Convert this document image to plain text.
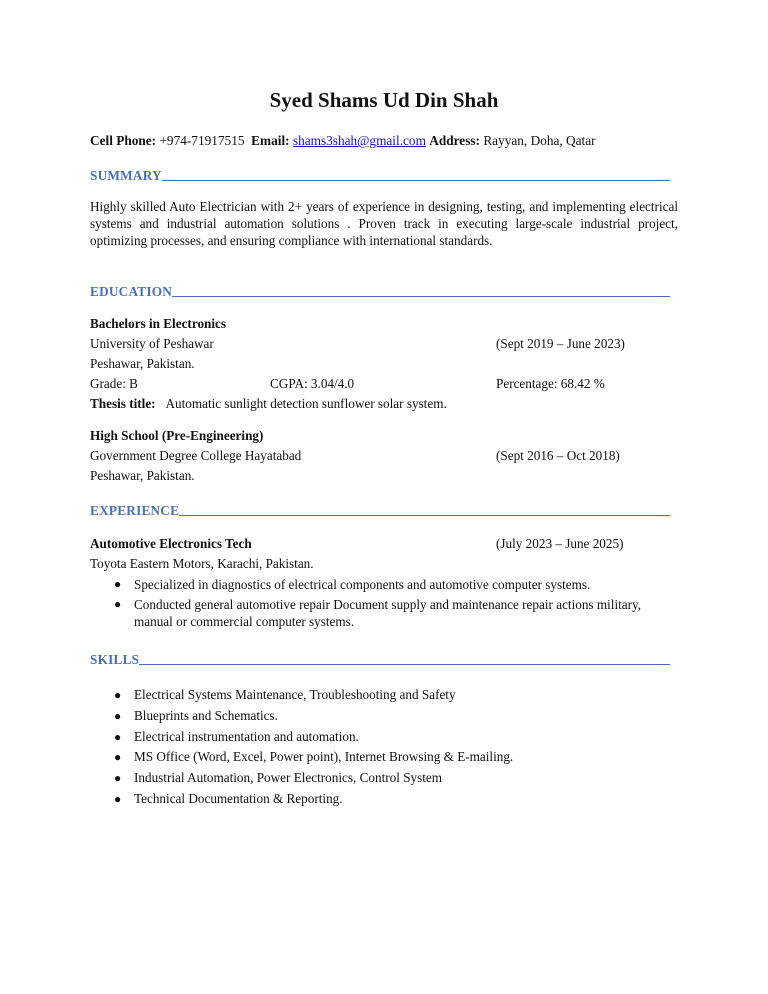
Syed Shams Ud Din Shah
Cell Phone: +974-71917515 Email: shams3shah@gmail.com Address: Rayyan, Doha, Qatar
SUMMARY

Highly skilled Auto Electrician with 2+ years of experience in designing, testing, and implementing electrical systems and industrial automation solutions . Proven track in executing large-scale industrial project, optimizing processes, and ensuring compliance with international standards.

EDUCATION
Bachelors in Electronics
University of Peshawar	(Sept 2019 – June 2023)
Peshawar, Pakistan.
Grade: B	CGPA: 3.04/4.0	Percentage: 68.42 %
Thesis title: Automatic sunlight detection sunflower solar system.
High School (Pre-Engineering)
Government Degree College Hayatabad	(Sept 2016 – Oct 2018)
Peshawar, Pakistan.
EXPERIENCE
Automotive Electronics Tech	(July 2023 – June 2025)
Toyota Eastern Motors, Karachi, Pakistan.
● Specialized in diagnostics of electrical components and automotive computer systems.
● Conducted general automotive repair Document supply and maintenance repair actions military, manual or commercial computer systems.
SKILLS
● Electrical Systems Maintenance, Troubleshooting and Safety
● Blueprints and Schematics.
● Electrical instrumentation and automation.
● MS Office (Word, Excel, Power point), Internet Browsing & E-mailing.
● Industrial Automation, Power Electronics, Control System
● Technical Documentation & Reporting.
